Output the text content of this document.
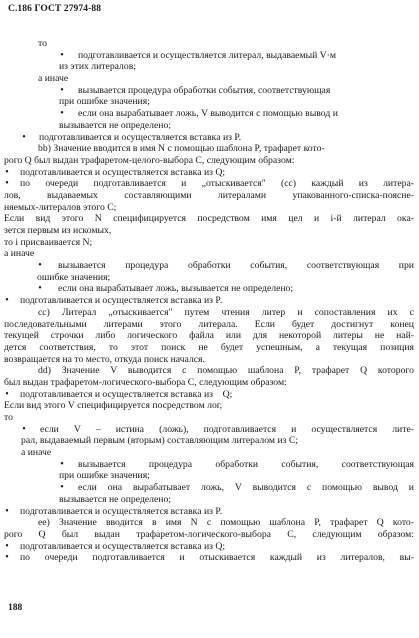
С.186 ГОСТ 27974-88
то
• подготавливается и осуществляется литерал, выдаваемый V·м
из этих литералов;
а иначе
• вызывается процедура обработки события, соответствующая
при ошибке значения;
• если она вырабатывает ложь, V выводится с помощью вывод и
вызывается не определено;
• подготавливается и осуществляется вставка из P.
bb) Значение вводится в имя N с помощью шаблона P, трафарет кото-
рого Q был выдан трафаретом-целого-выбора C, следующим образом:
• подготавливается и осуществляется вставка из Q;
• по очереди подготавливается и „отыскивается" (cc) каждый из литера-
лов, выдаваемых составляющими литералами упакованного-списка-поясне-
няемых-литералов этого C;
Если вид этого N специфицируется посредством имя цел и i-й литерал ока-
зется первым из искомых,
то i присваивается N;
а иначе
• вызывается процедура обработки события, соответствующая при
ошибке значения;
• если она вырабатывает ложь, вызывается не определено;
• подготавливается и осуществляется вставка из P.
cc) Литерал „отыскивается" путем чтения литер и сопоставления их с
последовательными литерами этого литерала. Если будет достигнут конец
текущей строчки либо логического файла или для некоторой литеры не най-
дется соответствия, то этот поиск не будет успешным, а текущая позиция
возвращается на то место, откуда поиск начался.
dd) Значение V выводится с помощью шаблона P, трафарет Q которого
был выдан трафаретом-логического-выбора C, следующим образом:
• подготавливается и осуществляется вставка из    Q;
Если вид этого V специфицируется посредством лог,
то
• если V – истина (ложь), подготавливается и осуществляется лите-
рал, выдаваемый первым (вторым) составляющим литералом из C;
а иначе
• вызывается процедура обработки события, соответствующая
при ошибке значения;
• если она вырабатывает ложь, V выводится с помощью вывод и
вызывается не определено;
• подготавливается и осуществляется вставка из P.
ee) Значение вводится в имя N с помощью шаблона P, трафарет Q кото-
рого Q был выдан трафаретом-логического-выбора C, следующим образом:
• подготавливается и осуществляется вставка из Q;
• по очереди подготавливается и отыскивается каждый из литералов, вы-
188
